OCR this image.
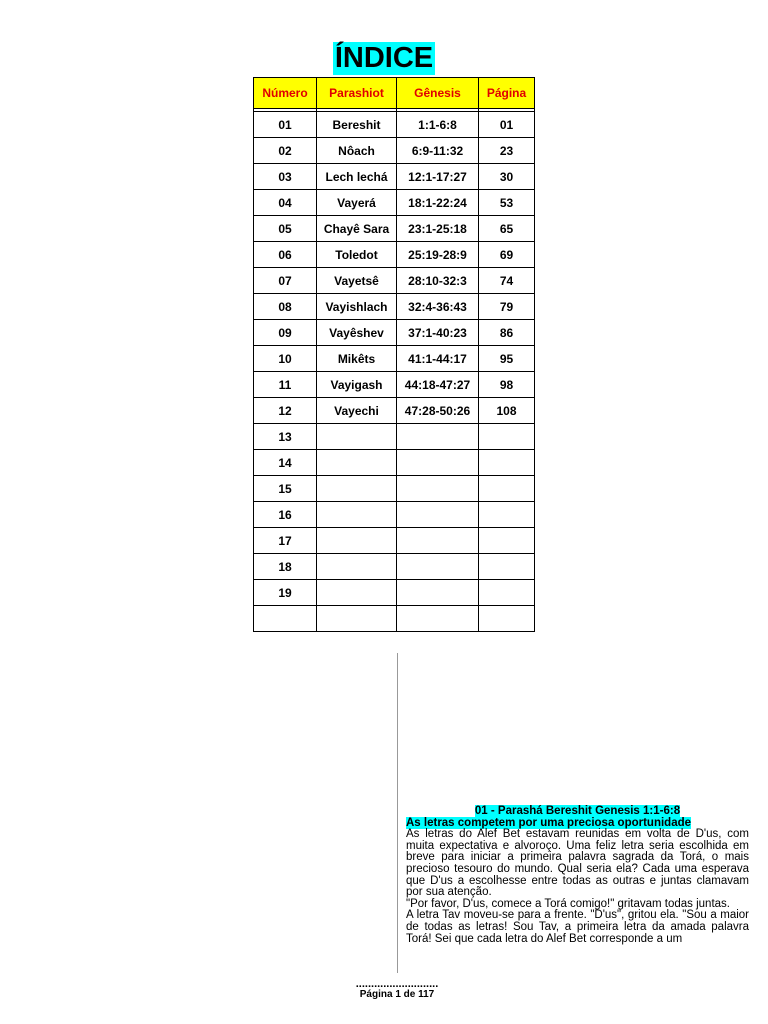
ÍNDICE
Número	Parashiot	Gênesis	Página

01	Bereshit	1:1-6:8	01
02	Nôach	6:9-11:32	23
03	Lech lechá	12:1-17:27	30
04	Vayerá	18:1-22:24	53
05	Chayê Sara	23:1-25:18	65
06	Toledot	25:19-28:9	69
07	Vayetsê	28:10-32:3	74
08	Vayishlach	32:4-36:43	79
09	Vayêshev	37:1-40:23	86
10	Mikêts	41:1-44:17	95
11	Vayigash	44:18-47:27	98
12	Vayechi	47:28-50:26	108
13			
14			
15			
16			
17			
18			
19			

01 - Parashá Bereshit Genesis 1:1-6:8
As letras competem por uma preciosa oportunidade

As letras do Alef Bet estavam reunidas em volta de D'us, com muita expectativa e alvoroço. Uma feliz letra seria escolhida em breve para iniciar a primeira palavra sagrada da Torá, o mais precioso tesouro do mundo. Qual seria ela? Cada uma esperava que D'us a escolhesse entre todas as outras e juntas clamavam por sua atenção.

"Por favor, D'us, comece a Torá comigo!" gritavam todas juntas.

A letra Tav moveu-se para a frente. "D'us", gritou ela. "Sou a maior de todas as letras! Sou Tav, a primeira letra da amada palavra Torá! Sei que cada letra do Alef Bet corresponde a um

...........................
Página 1 de 117
